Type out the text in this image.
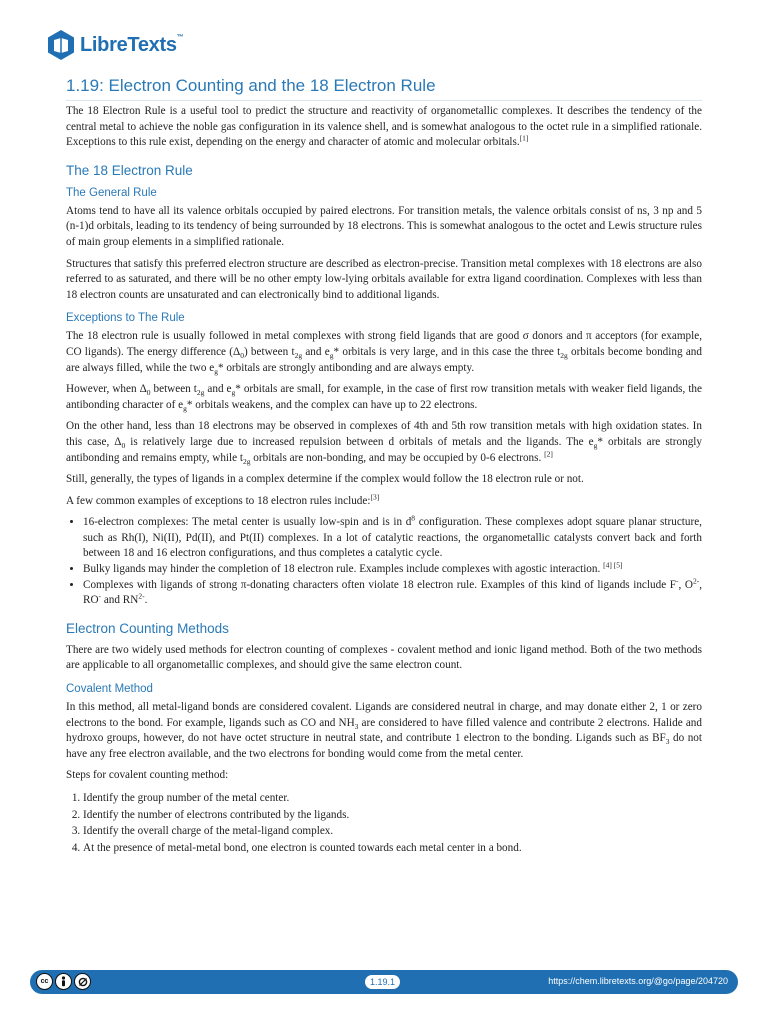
LibreTexts™
1.19: Electron Counting and the 18 Electron Rule

The 18 Electron Rule is a useful tool to predict the structure and reactivity of organometallic complexes. It describes the tendency of the central metal to achieve the noble gas configuration in its valence shell, and is somewhat analogous to the octet rule in a simplified rationale. Exceptions to this rule exist, depending on the energy and character of atomic and molecular orbitals.[1]

The 18 Electron Rule
The General Rule

Atoms tend to have all its valence orbitals occupied by paired electrons. For transition metals, the valence orbitals consist of ns, 3 np and 5 (n-1)d orbitals, leading to its tendency of being surrounded by 18 electrons. This is somewhat analogous to the octet and Lewis structure rules of main group elements in a simplified rationale.

Structures that satisfy this preferred electron structure are described as electron-precise. Transition metal complexes with 18 electrons are also referred to as saturated, and there will be no other empty low-lying orbitals available for extra ligand coordination. Complexes with less than 18 electron counts are unsaturated and can electronically bind to additional ligands.

Exceptions to The Rule

The 18 electron rule is usually followed in metal complexes with strong field ligands that are good σ donors and π acceptors (for example, CO ligands). The energy difference $(\Delta_0)$ between $t_{2g}$ and $e_g*$ orbitals is very large, and in this case the three $t_{2g}$ orbitals become bonding and are always filled, while the two $e_g*$ orbitals are strongly antibonding and are always empty.

However, when $\Delta_0$ between $t_{2g}$ and $e_g*$ orbitals are small, for example, in the case of first row transition metals with weaker field ligands, the antibonding character of $e_g*$ orbitals weakens, and the complex can have up to 22 electrons.

On the other hand, less than 18 electrons may be observed in complexes of 4th and 5th row transition metals with high oxidation states. In this case, $\Delta_0$ is relatively large due to increased repulsion between d orbitals of metals and the ligands. The $e_g*$ orbitals are strongly antibonding and remains empty, while $t_{2g}$ orbitals are non-bonding, and may be occupied by 0-6 electrons. [2]

Still, generally, the types of ligands in a complex determine if the complex would follow the 18 electron rule or not.

A few common examples of exceptions to 18 electron rules include:[3]

• 16-electron complexes: The metal center is usually low-spin and is in $d^8$ configuration. These complexes adopt square planar structure, such as Rh(I), Ni(II), Pd(II), and Pt(II) complexes. In a lot of catalytic reactions, the organometallic catalysts convert back and forth between 18 and 16 electron configurations, and thus completes a catalytic cycle.
• Bulky ligands may hinder the completion of 18 electron rule. Examples include complexes with agostic interaction. [4] [5]
• Complexes with ligands of strong π-donating characters often violate 18 electron rule. Examples of this kind of ligands include F-, $O^{2-}$, RO- and $RN^{2-}$.
Electron Counting Methods

There are two widely used methods for electron counting of complexes - covalent method and ionic ligand method. Both of the two methods are applicable to all organometallic complexes, and should give the same electron count.

Covalent Method

In this method, all metal-ligand bonds are considered covalent. Ligands are considered neutral in charge, and may donate either 2, 1 or zero electrons to the bond. For example, ligands such as CO and $NH_3$ are considered to have filled valence and contribute 2 electrons. Halide and hydroxo groups, however, do not have octet structure in neutral state, and contribute 1 electron to the bonding. Ligands such as $BF_3$ do not have any free electron available, and the two electrons for bonding would come from the metal center.

Steps for covalent counting method:

1. Identify the group number of the metal center.
2. Identify the number of electrons contributed by the ligands.
3. Identify the overall charge of the metal-ligand complex.
4. At the presence of metal-metal bond, one electron is counted towards each metal center in a bond.
cc	1.19.1	https://chem.libretexts.org/@go/page/204720
